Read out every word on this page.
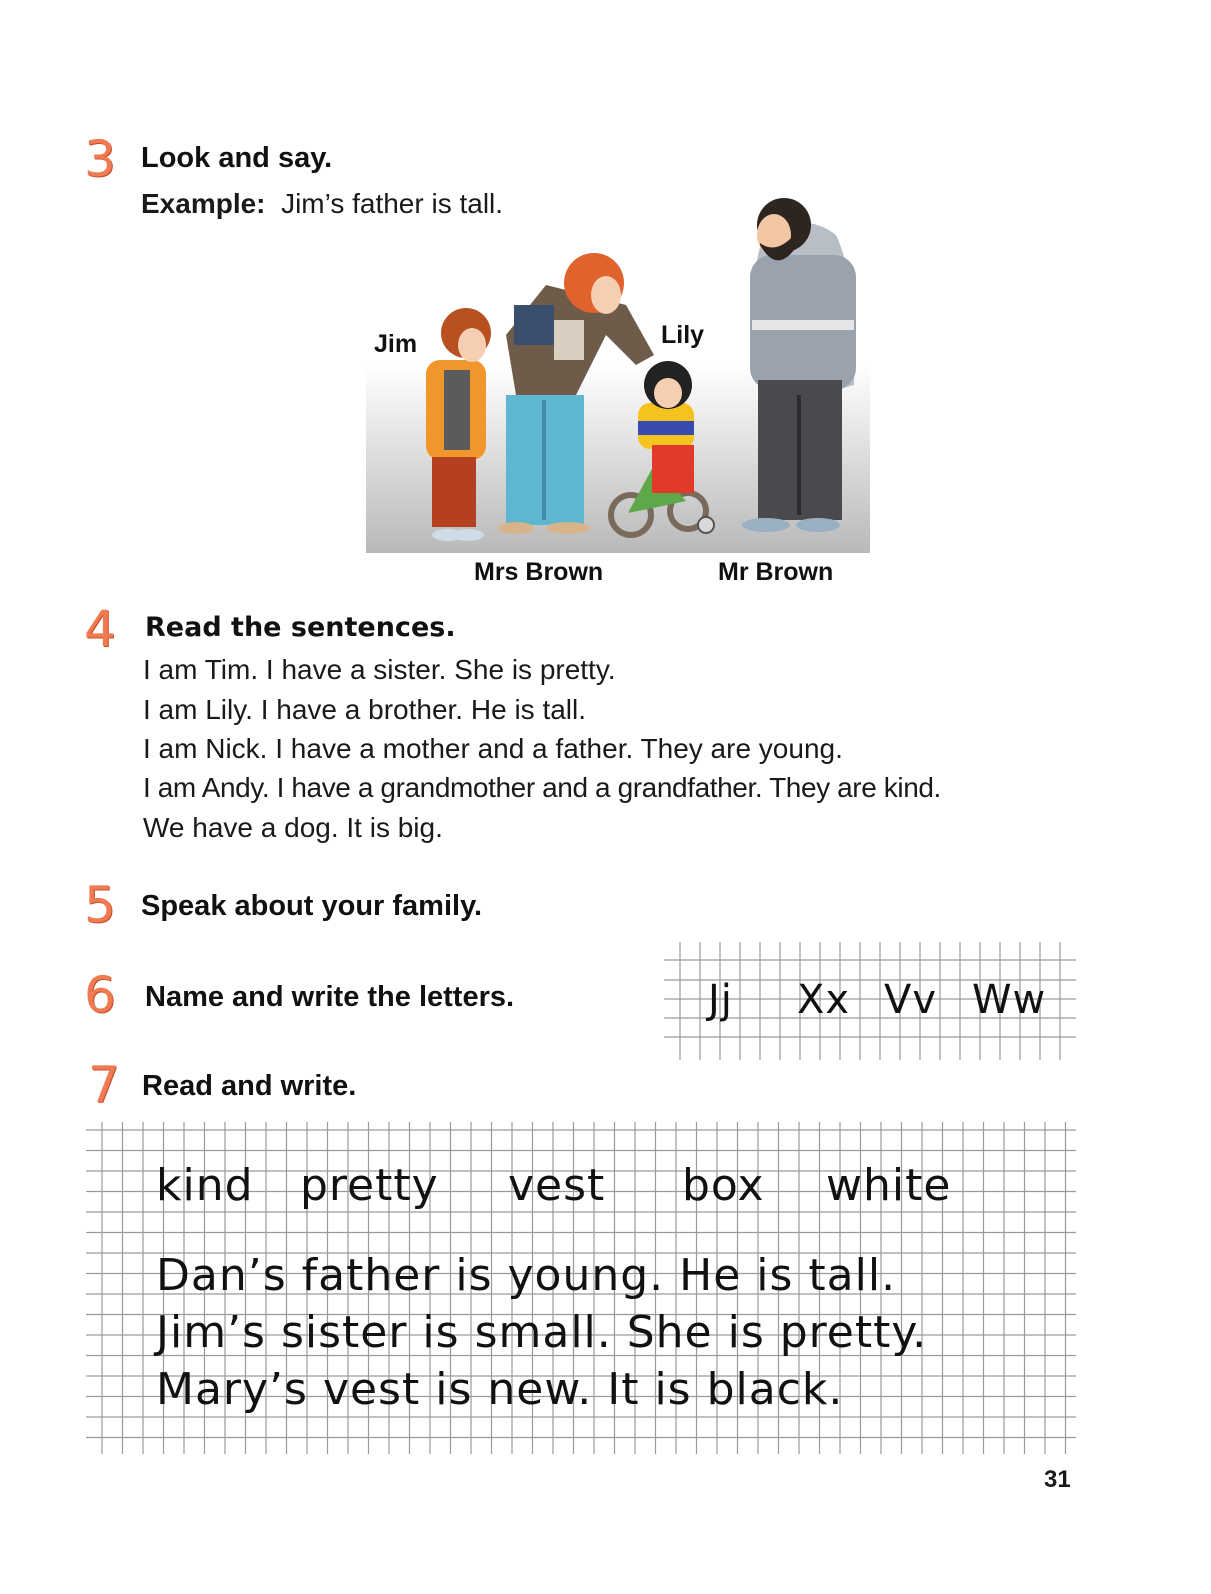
3 Look and say.
Example: Jim’s father is tall.
Jim	Lily
Mrs Brown	Mr Brown
4 Read the sentences.
I am Tim. I have a sister. She is pretty.
I am Lily. I have a brother. He is tall.
I am Nick. I have a mother and a father. They are young.
I am Andy. I have a grandmother and a grandfather. They are kind.
We have a dog. It is big.
5 Speak about your family.
6 Name and write the letters.	Jj Xx Vv Ww
7 Read and write.
kind pretty vest box white
Dan’s father is young. He is tall.
Jim’s sister is small. She is pretty.
Mary’s vest is new. It is black.
31
